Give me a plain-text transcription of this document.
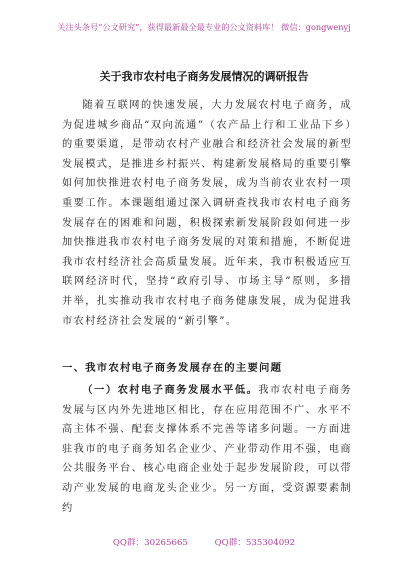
关注头条号“公文研究”，获得最新最全最专业的公文资料库！ 微信：gongwenyj
关于我市农村电子商务发展情况的调研报告

随着互联网的快速发展，大力发展农村电子商务，成为促进城乡商品“双向流通”（农产品上行和工业品下乡）的重要渠道，是带动农村产业融合和经济社会发展的新型发展模式，是推进乡村振兴、构建新发展格局的重要引擎如何加快推进农村电子商务发展，成为当前农业农村一项重要工作。本课题组通过深入调研查找我市农村电子商务发展存在的困难和问题，积极探索新发展阶段如何进一步加快推进我市农村电子商务发展的对策和措施，不断促进我市农村经济社会高质量发展。近年来，我市积极适应互联网经济时代，坚持“政府引导、市场主导”原则，多措并举，扎实推动我市农村电子商务健康发展，成为促进我市农村经济社会发展的“新引擎”。

一、我市农村电子商务发展存在的主要问题

（一）农村电子商务发展水平低。我市农村电子商务发展与区内外先进地区相比，存在应用范围不广、水平不高主体不强、配套支撑体系不完善等诸多问题。一方面进驻我市的电子商务知名企业少、产业带动作用不强，电商公共服务平台、核心电商企业处于起步发展阶段，可以带动产业发展的电商龙头企业少。另一方面，受资源要素制约

QQ群：30265665	QQ群：535304092
